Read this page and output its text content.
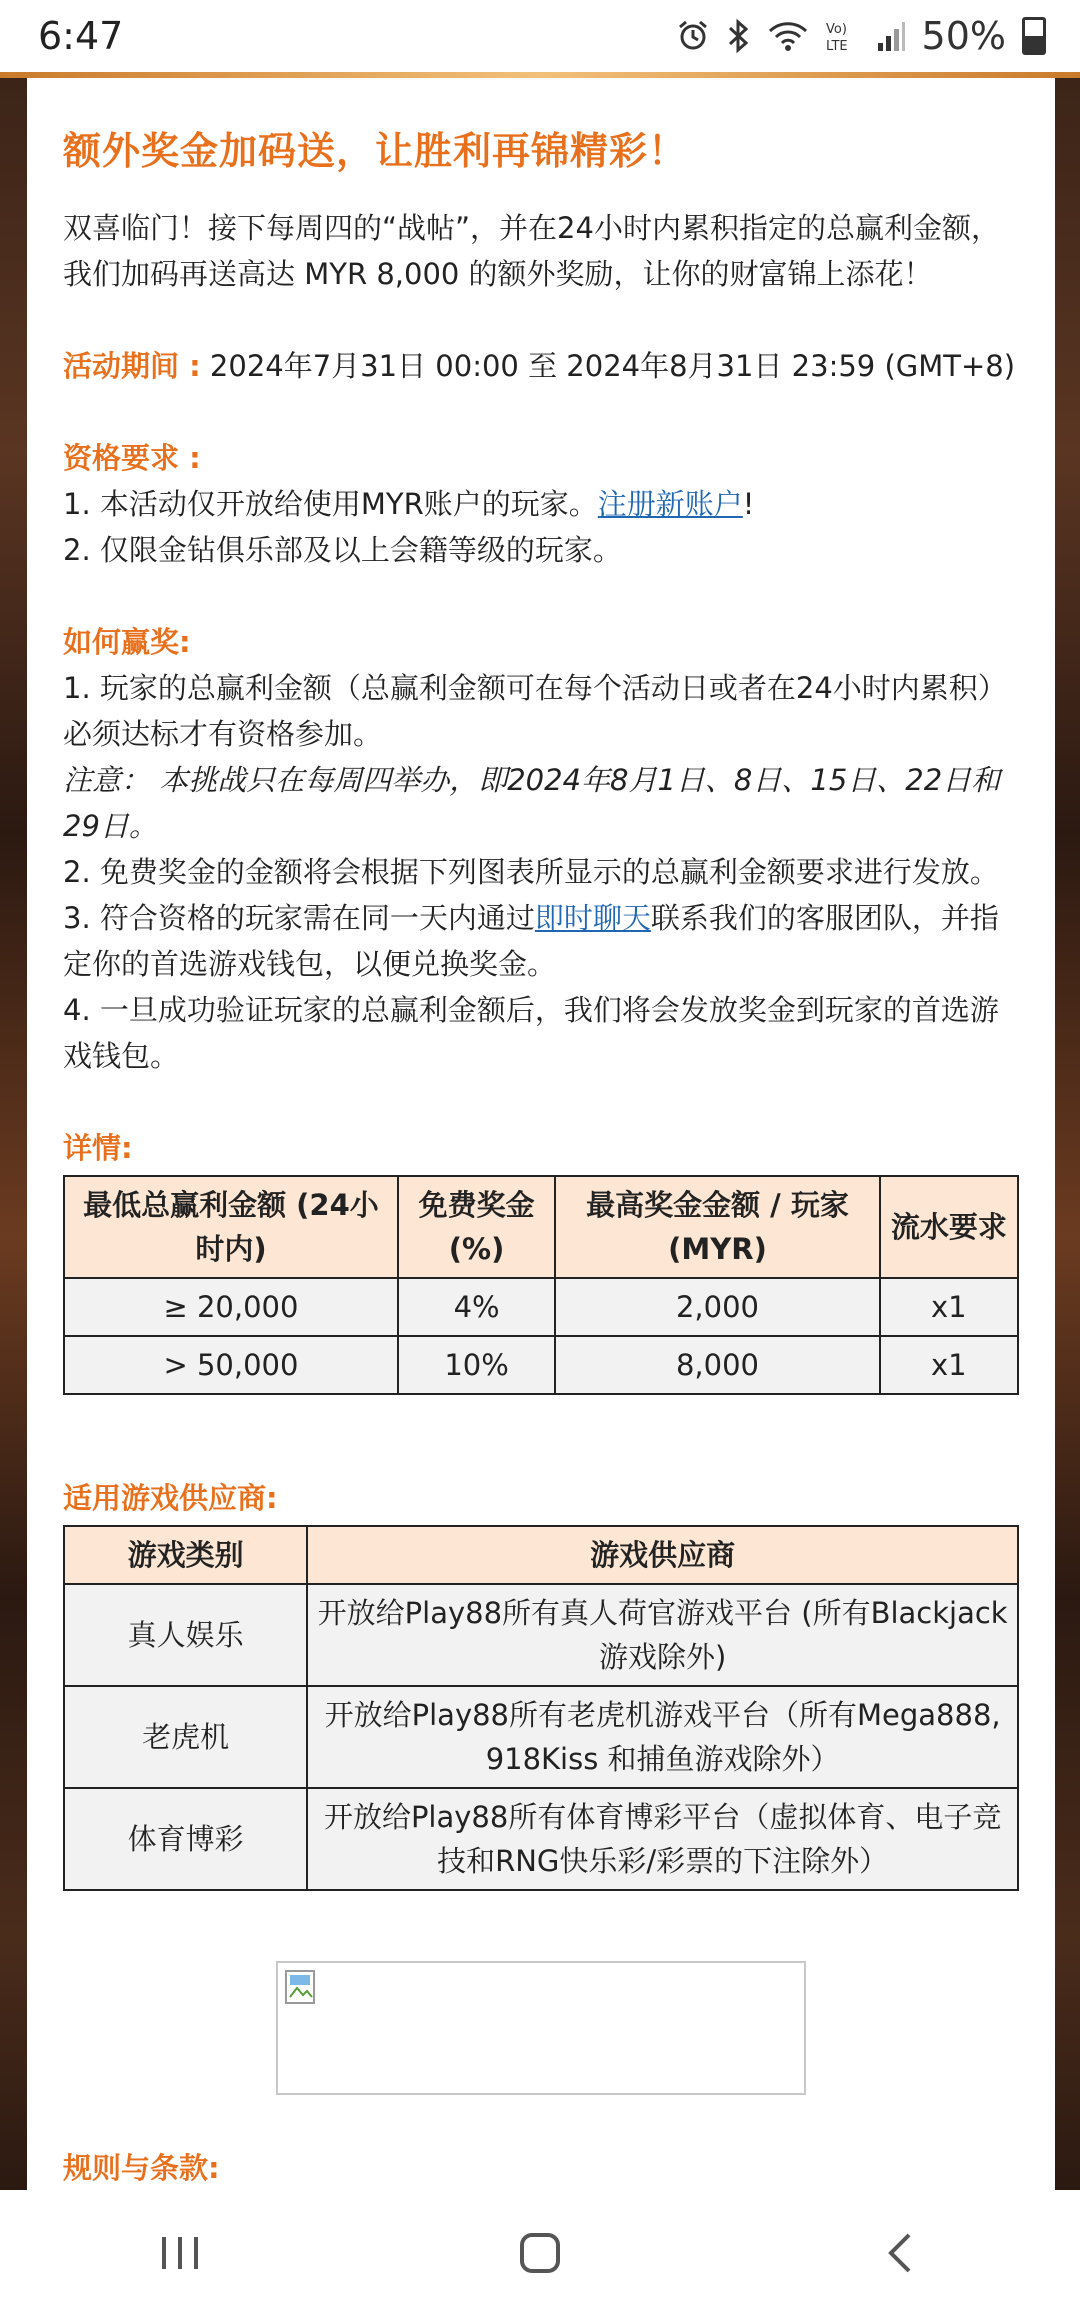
6:47	Vo)
LTE 50%
额外奖金加码送，让胜利再锦精彩！

双喜临门！接下每周四的“战帖”，并在24小时内累积指定的总赢利金额，我们加码再送高达 MYR 8,000 的额外奖励，让你的财富锦上添花！

活动期间 : 2024年7月31日 00:00 至 2024年8月31日 23:59 (GMT+8)

资格要求 :

1. 本活动仅开放给使用MYR账户的玩家。注册新账户!

2. 仅限金钻俱乐部及以上会籍等级的玩家。

如何赢奖:

1. 玩家的总赢利金额（总赢利金额可在每个活动日或者在24小时内累积）必须达标才有资格参加。

注意： 本挑战只在每周四举办，即2024年8月1日、8日、15日、22日和29日。

2. 免费奖金的金额将会根据下列图表所显示的总赢利金额要求进行发放。

3. 符合资格的玩家需在同一天内通过即时聊天联系我们的客服团队，并指定你的首选游戏钱包，以便兑换奖金。

4. 一旦成功验证玩家的总赢利金额后，我们将会发放奖金到玩家的首选游戏钱包。

详情:

最低总赢利金额 (24小时内)	免费奖金 (%)	最高奖金金额 / 玩家 (MYR)	流水要求
≥ 20,000	4%	2,000	x1
> 50,000	10%	8,000	x1

适用游戏供应商:

游戏类别	游戏供应商
真人娱乐	开放给Play88所有真人荷官游戏平台 (所有Blackjack游戏除外)
老虎机	开放给Play88所有老虎机游戏平台（所有Mega888, 918Kiss 和捕鱼游戏除外）
体育博彩	开放给Play88所有体育博彩平台（虚拟体育、电子竞技和RNG快乐彩/彩票的下注除外）

规则与条款:
